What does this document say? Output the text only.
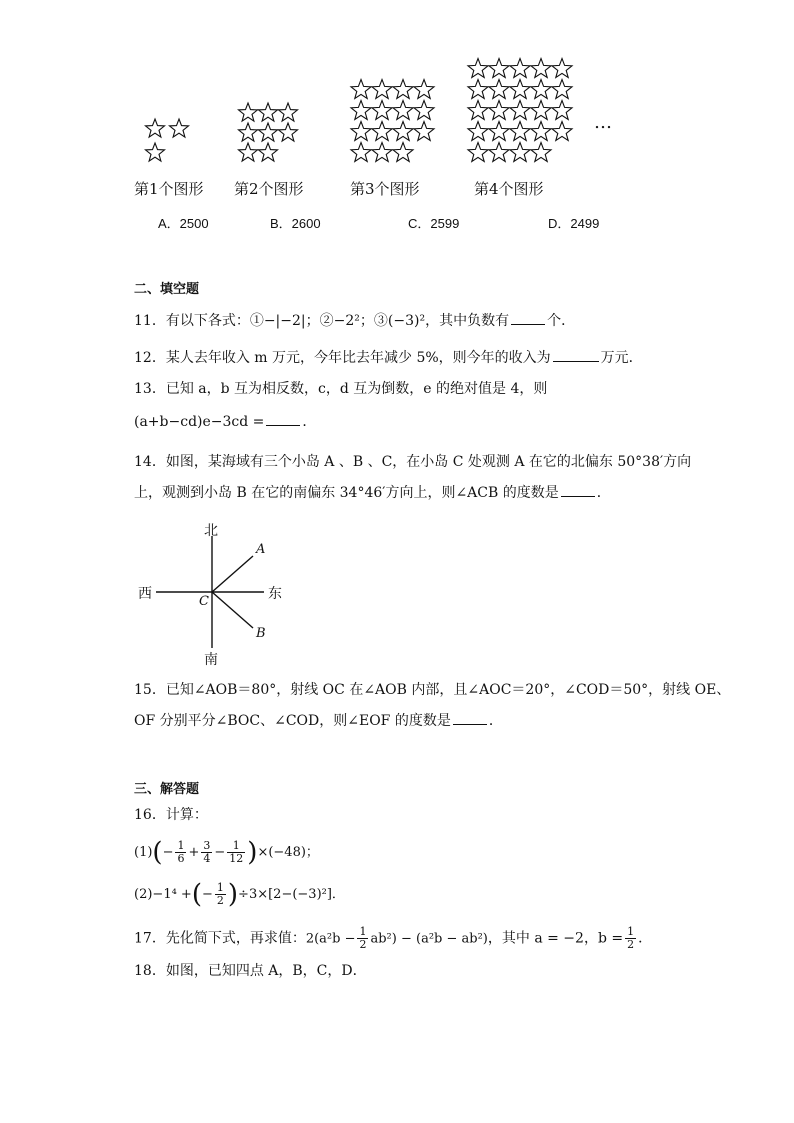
…
第1个图形 第2个图形	第3个图形	第4个图形
A．2500	B．2600	C．2599	D．2499
二、填空题
11．有以下各式：①−|−2|；②−2²；③(−3)²，其中负数有	个．
12．某人去年收入 m 万元，今年比去年减少 5%，则今年的收入为	万元．
13．已知 a，b 互为相反数，c，d 互为倒数，e 的绝对值是 4，则
(a+b−cd)e−3cd =	．
14．如图，某海域有三个小岛 A 、B 、C，在小岛 C 处观测 A 在它的北偏东 50°38′方向
上，观测到小岛 B 在它的南偏东 34°46′方向上，则∠ACB 的度数是	．
北
南
西	东
A
B
C
15．已知∠AOB＝80°，射线 OC 在∠AOB 内部，且∠AOC＝20°，∠COD＝50°，射线 OE、
OF 分别平分∠BOC、∠COD，则∠EOF 的度数是	．
三、解答题
16．计算：
$(1)(- \frac{1}{6} + \frac{3}{4} - \frac{1}{12} )\times(-48)$；
(2)−1⁴ +(− $\frac{1}{2} )\div 3\times[2-(-3)^2]$．
17．先化简下式，再求值：$2(a^2b - \frac{1}{2} ab^2) - (a^2b - ab^2)$，其中 a = −2，$b = \frac{1}{2}$ ．
18．如图，已知四点 A，B，C，D．
